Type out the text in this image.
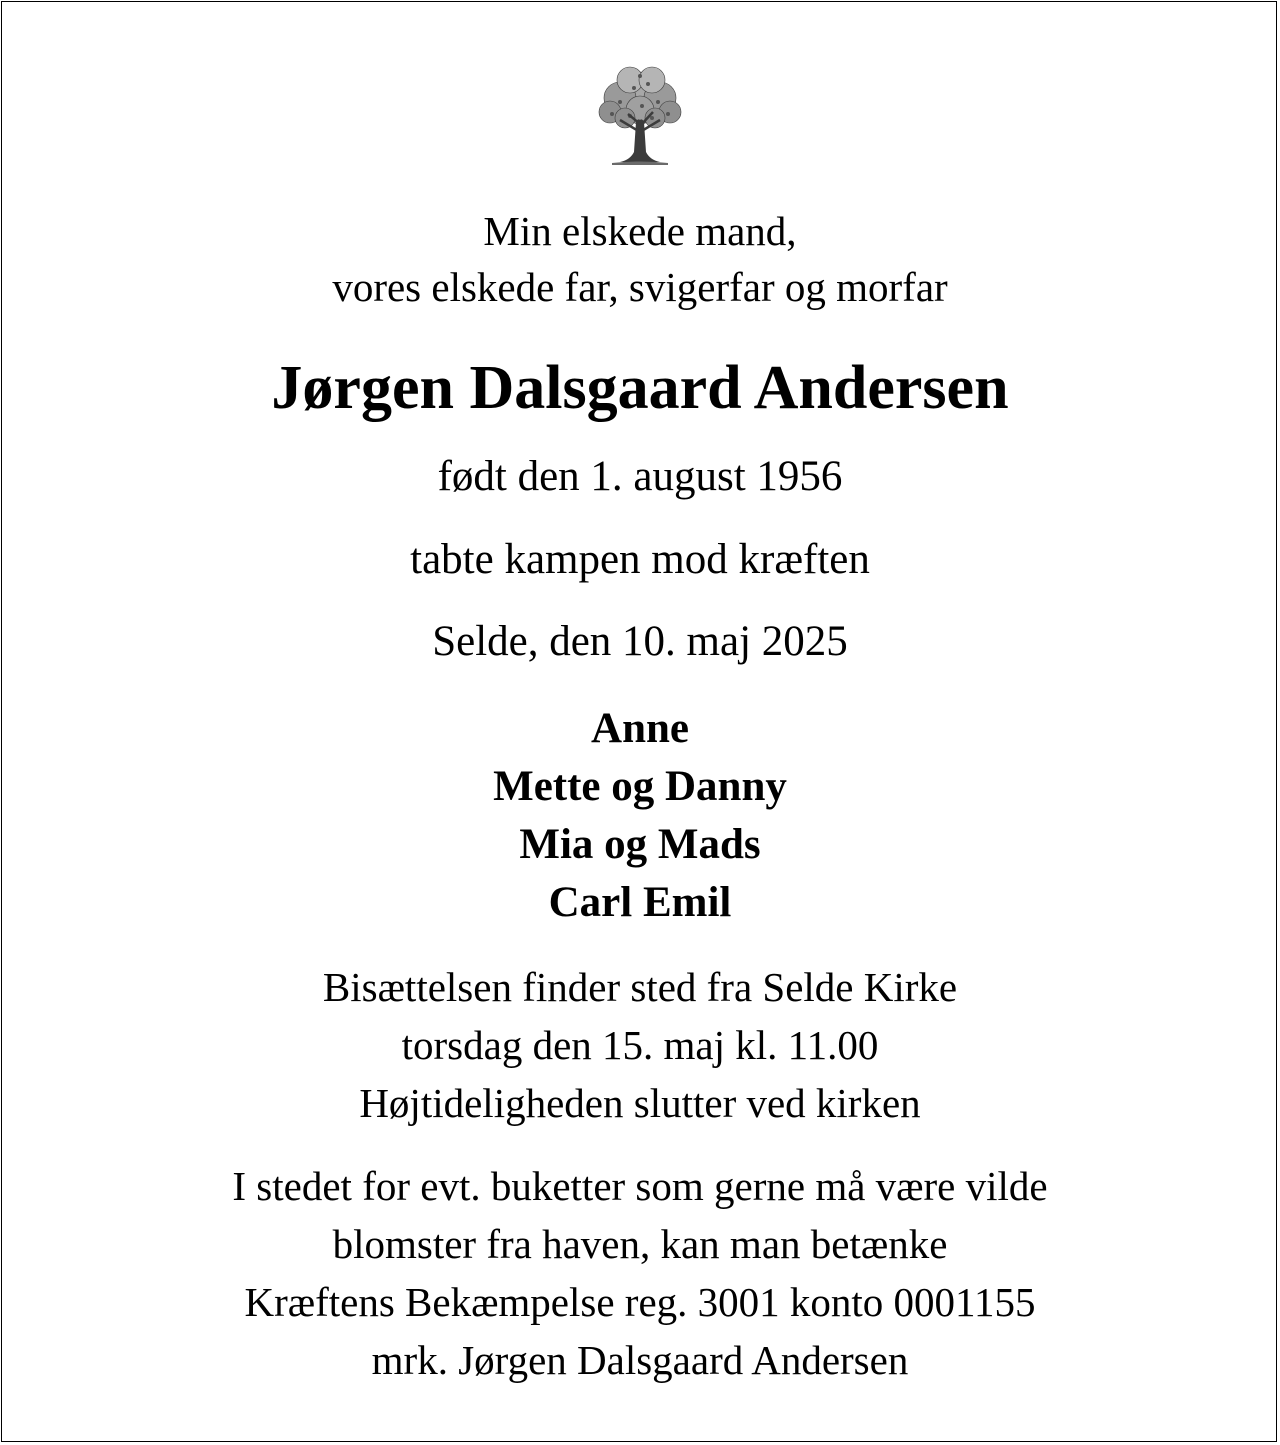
Min elskede mand,
vores elskede far, svigerfar og morfar
Jørgen Dalsgaard Andersen
født den 1. august 1956
tabte kampen mod kræften
Selde, den 10. maj 2025
Anne
Mette og Danny
Mia og Mads
Carl Emil
Bisættelsen finder sted fra Selde Kirke
torsdag den 15. maj kl. 11.00
Højtideligheden slutter ved kirken
I stedet for evt. buketter som gerne må være vilde
blomster fra haven, kan man betænke
Kræftens Bekæmpelse reg. 3001 konto 0001155
mrk. Jørgen Dalsgaard Andersen
